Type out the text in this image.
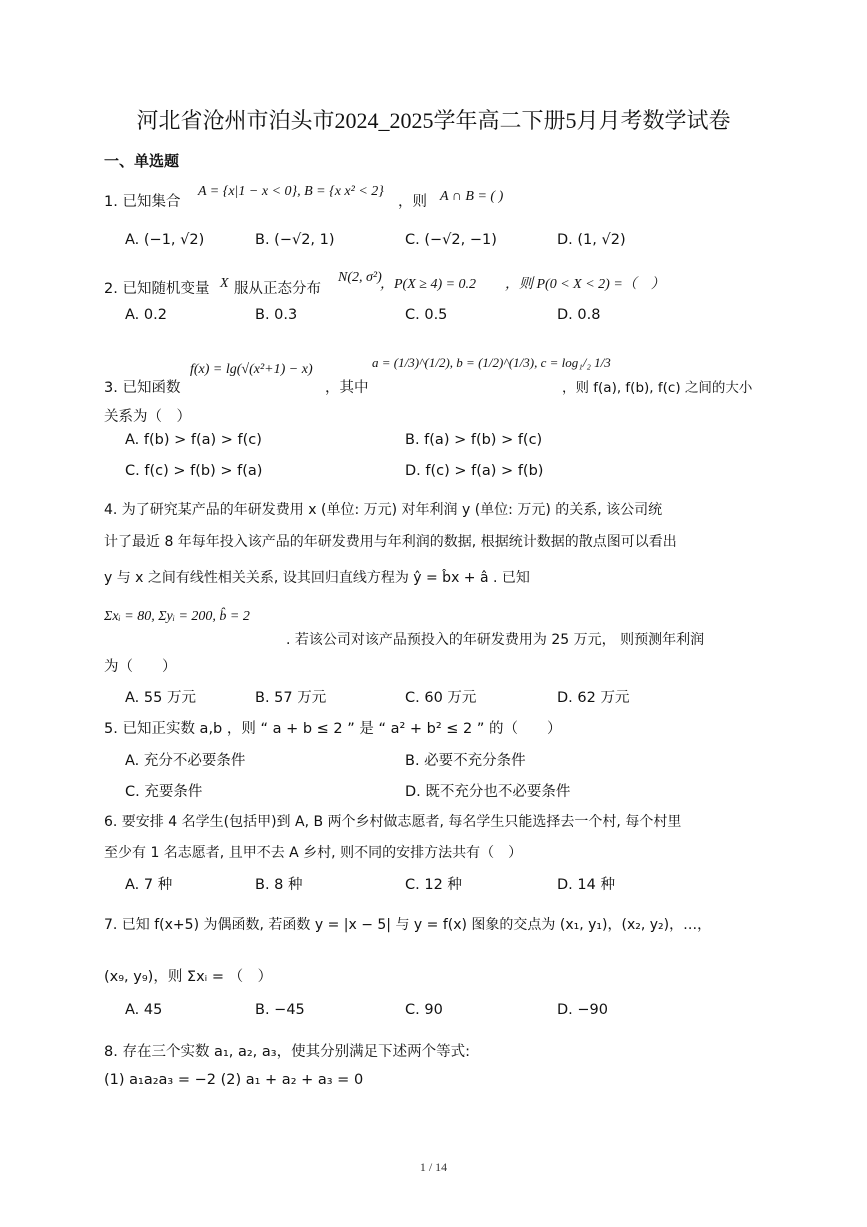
河北省沧州市泊头市2024_2025学年高二下册5月月考数学试卷
一、单选题
1. 已知集合
A = {x|1 − x < 0}, B = {x x² < 2}
，则 A ∩ B = ( )
A. (−1, √2)	B. (−√2, 1)	C. (−√2, −1)	D. (1, √2)
2. 已知随机变量 X 服从正态分布
N(2, σ²)
，P(X ≥ 4) = 0.2 ，则 P(0 < X < 2) =（　）
A. 0.2	B. 0.3	C. 0.5	D. 0.8
3. 已知函数
f(x) = lg(√(x²+1) − x)
，其中
a = (1/3)^(1/2), b = (1/2)^(1/3), c = log₁/₂ 1/3
，则 f(a), f(b), f(c) 之间的大小
关系为（　）
A. f(b) > f(a) > f(c)	B. f(a) > f(b) > f(c)
C. f(c) > f(b) > f(a)	D. f(c) > f(a) > f(b)
4. 为了研究某产品的年研发费用 x (单位: 万元) 对年利润 y (单位: 万元) 的关系, 该公司统
计了最近 8 年每年投入该产品的年研发费用与年利润的数据, 根据统计数据的散点图可以看出
y 与 x 之间有线性相关关系, 设其回归直线方程为 ŷ = b̂x + â . 已知
Σxᵢ = 80, Σyᵢ = 200, b̂ = 2
. 若该公司对该产品预投入的年研发费用为 25 万元， 则预测年利润
为（　　）
A. 55 万元	B. 57 万元	C. 60 万元	D. 62 万元
5. 已知正实数 a,b ，则 “ a + b ≤ 2 ” 是 “ a² + b² ≤ 2 ” 的（　　）
A. 充分不必要条件	B. 必要不充分条件
C. 充要条件	D. 既不充分也不必要条件
6. 要安排 4 名学生(包括甲)到 A, B 两个乡村做志愿者, 每名学生只能选择去一个村, 每个村里
至少有 1 名志愿者, 且甲不去 A 乡村, 则不同的安排方法共有（　）
A. 7 种	B. 8 种	C. 12 种	D. 14 种
7. 已知 f(x+5) 为偶函数, 若函数 y = |x − 5| 与 y = f(x) 图象的交点为 (x₁, y₁)，(x₂, y₂)，…，
(x₉, y₉)，则 Σxᵢ = （　）
A. 45	B. −45	C. 90	D. −90
8. 存在三个实数 a₁, a₂, a₃，使其分别满足下述两个等式:
(1) a₁a₂a₃ = −2 (2) a₁ + a₂ + a₃ = 0
1 / 14
